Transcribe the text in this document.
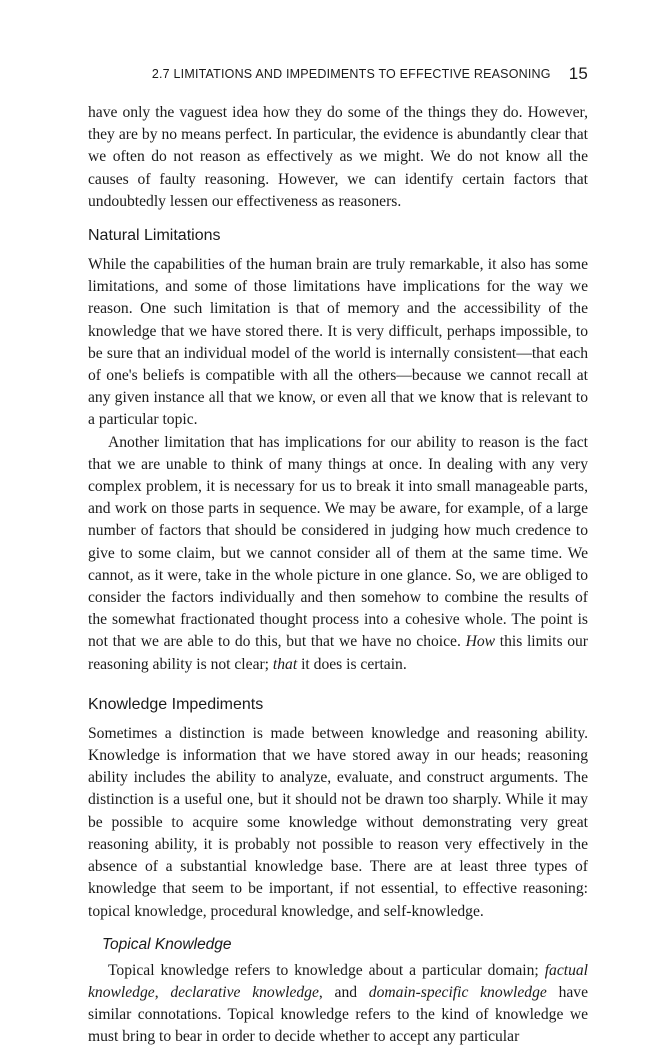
2.7 LIMITATIONS AND IMPEDIMENTS TO EFFECTIVE REASONING 15

have only the vaguest idea how they do some of the things they do. However, they are by no means perfect. In particular, the evidence is abundantly clear that we often do not reason as effectively as we might. We do not know all the causes of faulty reasoning. However, we can identify certain factors that undoubtedly lessen our effectiveness as reasoners.

Natural Limitations

While the capabilities of the human brain are truly remarkable, it also has some limitations, and some of those limitations have implications for the way we reason. One such limitation is that of memory and the accessibility of the knowledge that we have stored there. It is very difficult, perhaps impossible, to be sure that an individual model of the world is internally consistent—that each of one's beliefs is compatible with all the others—because we cannot recall at any given instance all that we know, or even all that we know that is relevant to a particular topic.

Another limitation that has implications for our ability to reason is the fact that we are unable to think of many things at once. In dealing with any very complex problem, it is necessary for us to break it into small manageable parts, and work on those parts in sequence. We may be aware, for example, of a large number of factors that should be considered in judging how much credence to give to some claim, but we cannot consider all of them at the same time. We cannot, as it were, take in the whole picture in one glance. So, we are obliged to consider the factors individually and then somehow to combine the results of the somewhat fractionated thought process into a cohesive whole. The point is not that we are able to do this, but that we have no choice. How this limits our reasoning ability is not clear; that it does is certain.

Knowledge Impediments

Sometimes a distinction is made between knowledge and reasoning ability. Knowledge is information that we have stored away in our heads; reasoning ability includes the ability to analyze, evaluate, and construct arguments. The distinction is a useful one, but it should not be drawn too sharply. While it may be possible to acquire some knowledge without demonstrating very great reasoning ability, it is probably not possible to reason very effectively in the absence of a substantial knowledge base. There are at least three types of knowledge that seem to be important, if not essential, to effective reasoning: topical knowledge, procedural knowledge, and self-knowledge.

Topical Knowledge

Topical knowledge refers to knowledge about a particular domain; factual knowledge, declarative knowledge, and domain-specific knowledge have similar connotations. Topical knowledge refers to the kind of knowledge we must bring to bear in order to decide whether to accept any particular
